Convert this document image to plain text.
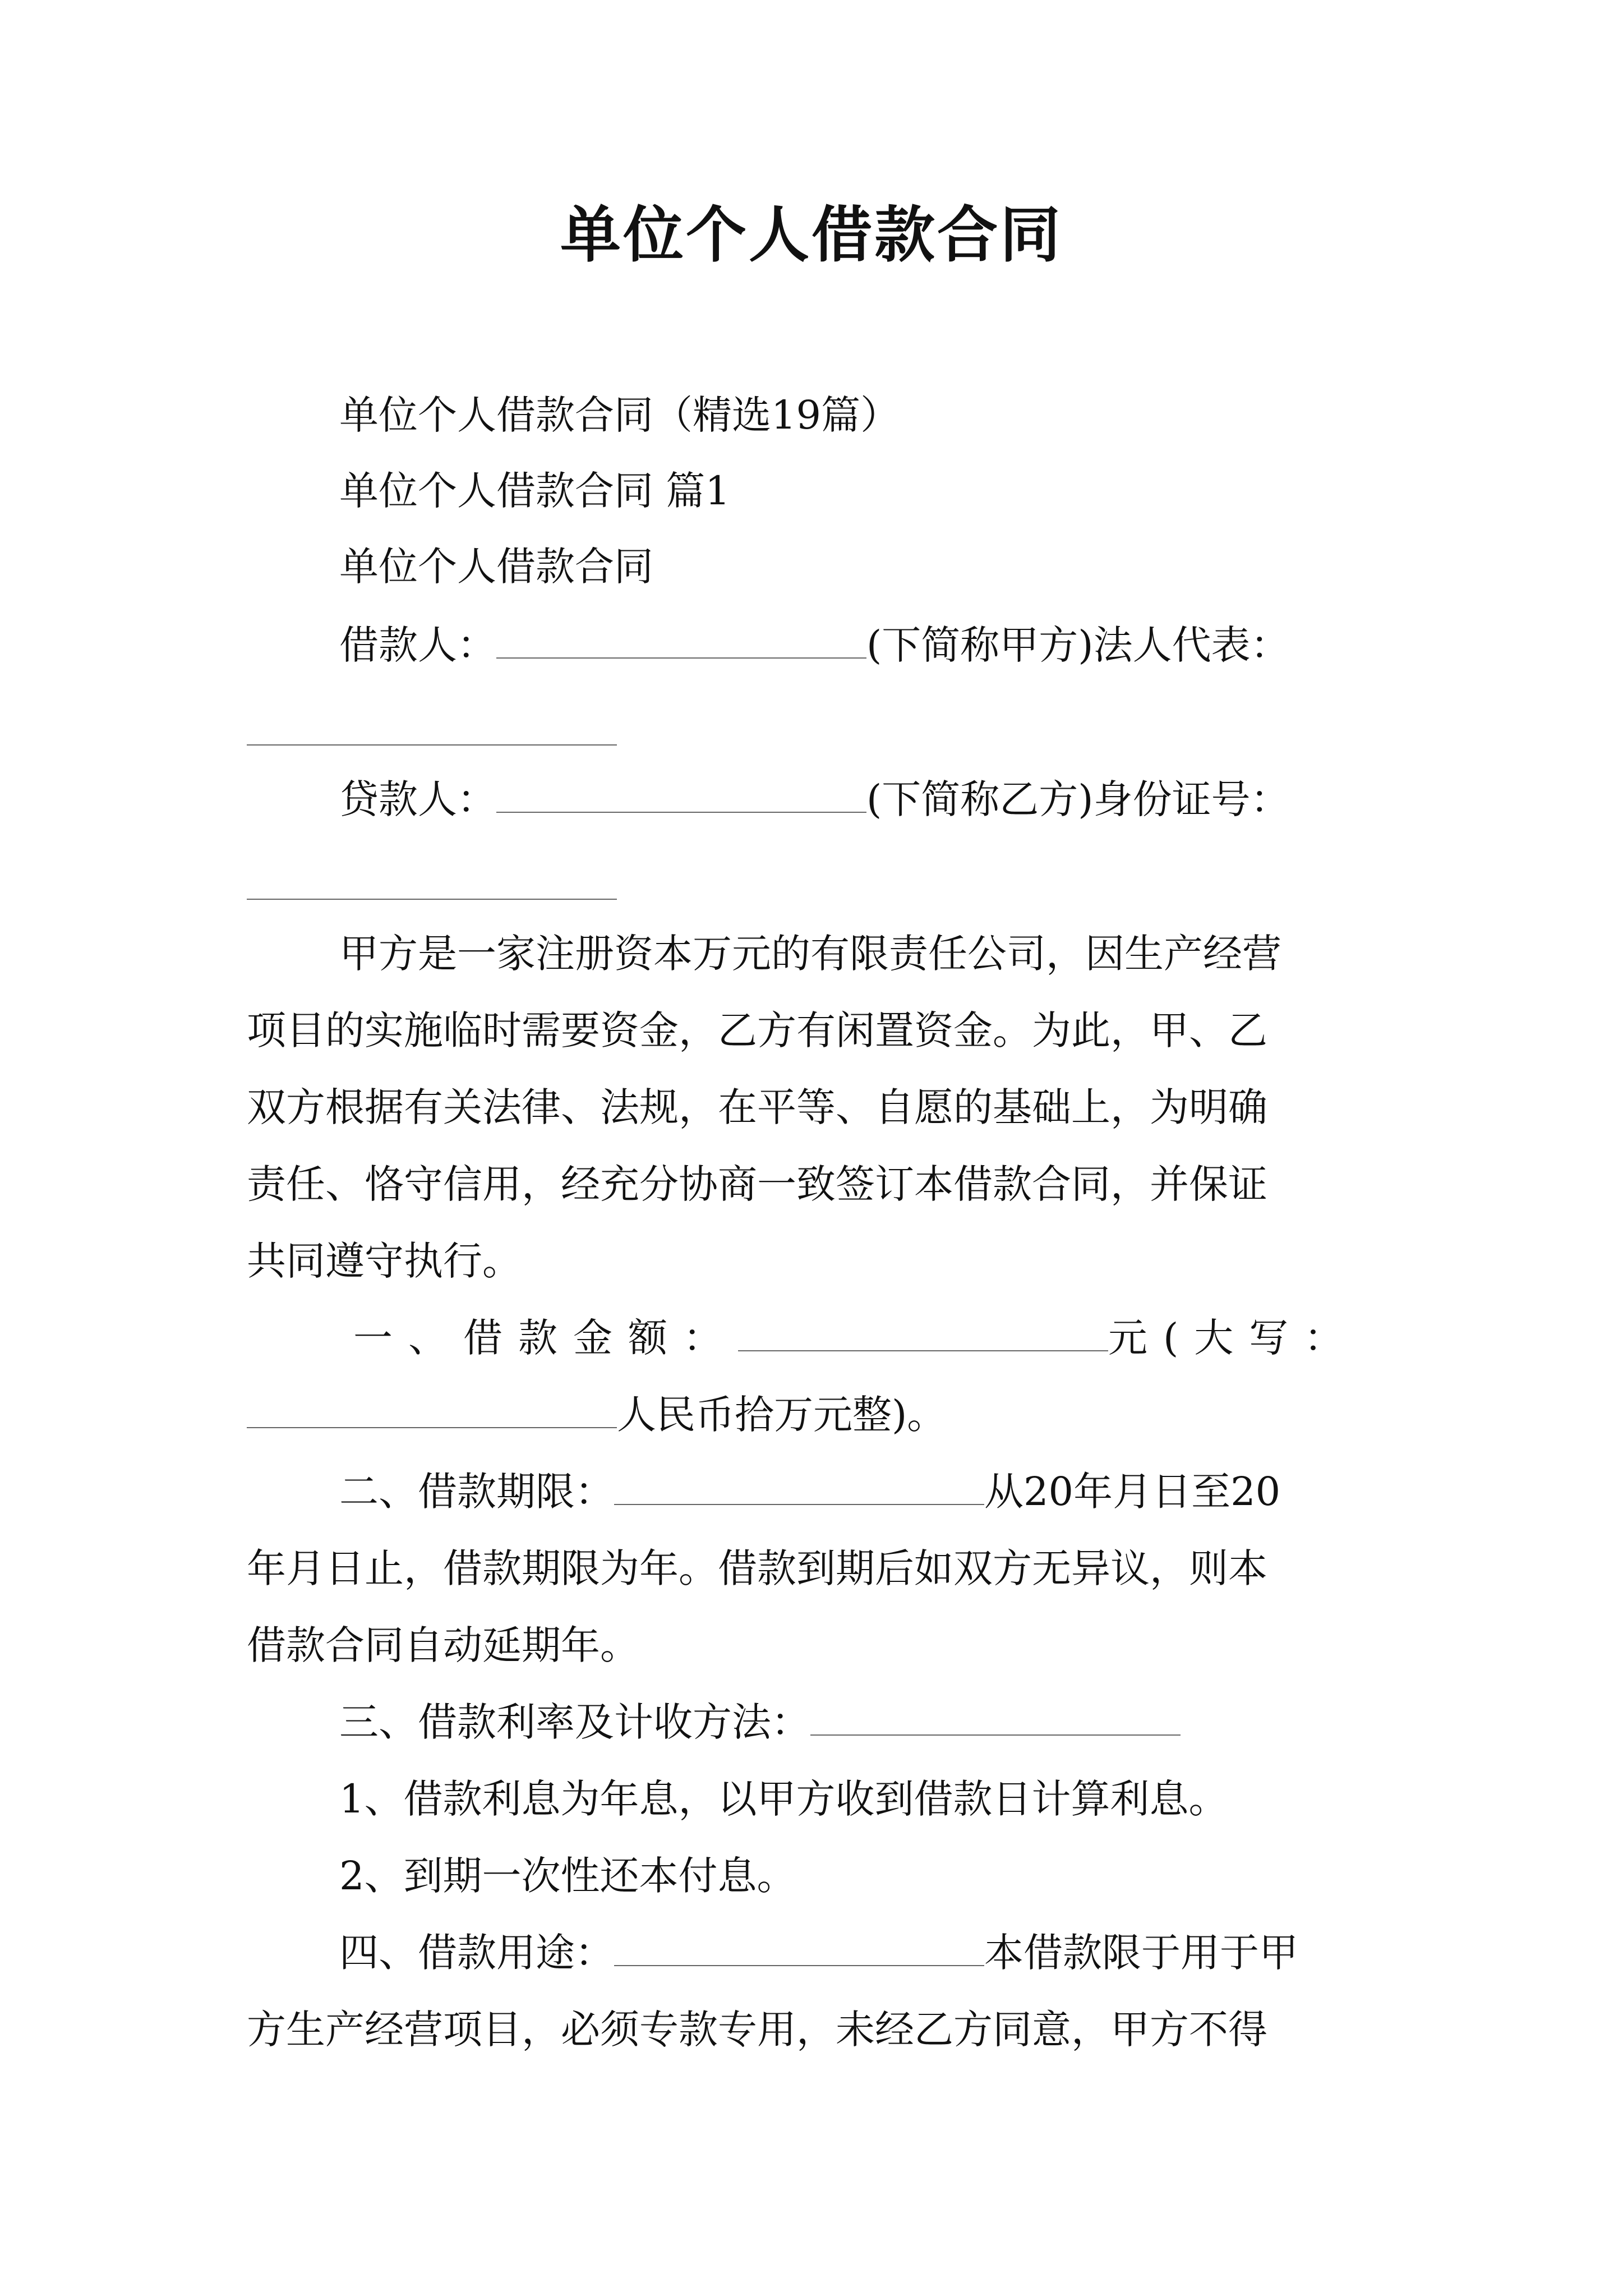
单位个人借款合同
单位个人借款合同（精选19篇）
单位个人借款合同 篇1
单位个人借款合同
借款人：	(下简称甲方)法人代表：
贷款人：	(下简称乙方)身份证号：
甲方是一家注册资本万元的有限责任公司，因生产经营
项目的实施临时需要资金，乙方有闲置资金。为此，甲、乙
双方根据有关法律、法规，在平等、自愿的基础上，为明确
责任、恪守信用，经充分协商一致签订本借款合同，并保证
共同遵守执行。
一、借款金额：	元(大写：
人民币拾万元整)。
二、借款期限：	从20年月日至20
年月日止，借款期限为年。借款到期后如双方无异议，则本
借款合同自动延期年。
三、借款利率及计收方法：
1、借款利息为年息，以甲方收到借款日计算利息。
2、到期一次性还本付息。
四、借款用途：	本借款限于用于甲
方生产经营项目，必须专款专用，未经乙方同意，甲方不得
